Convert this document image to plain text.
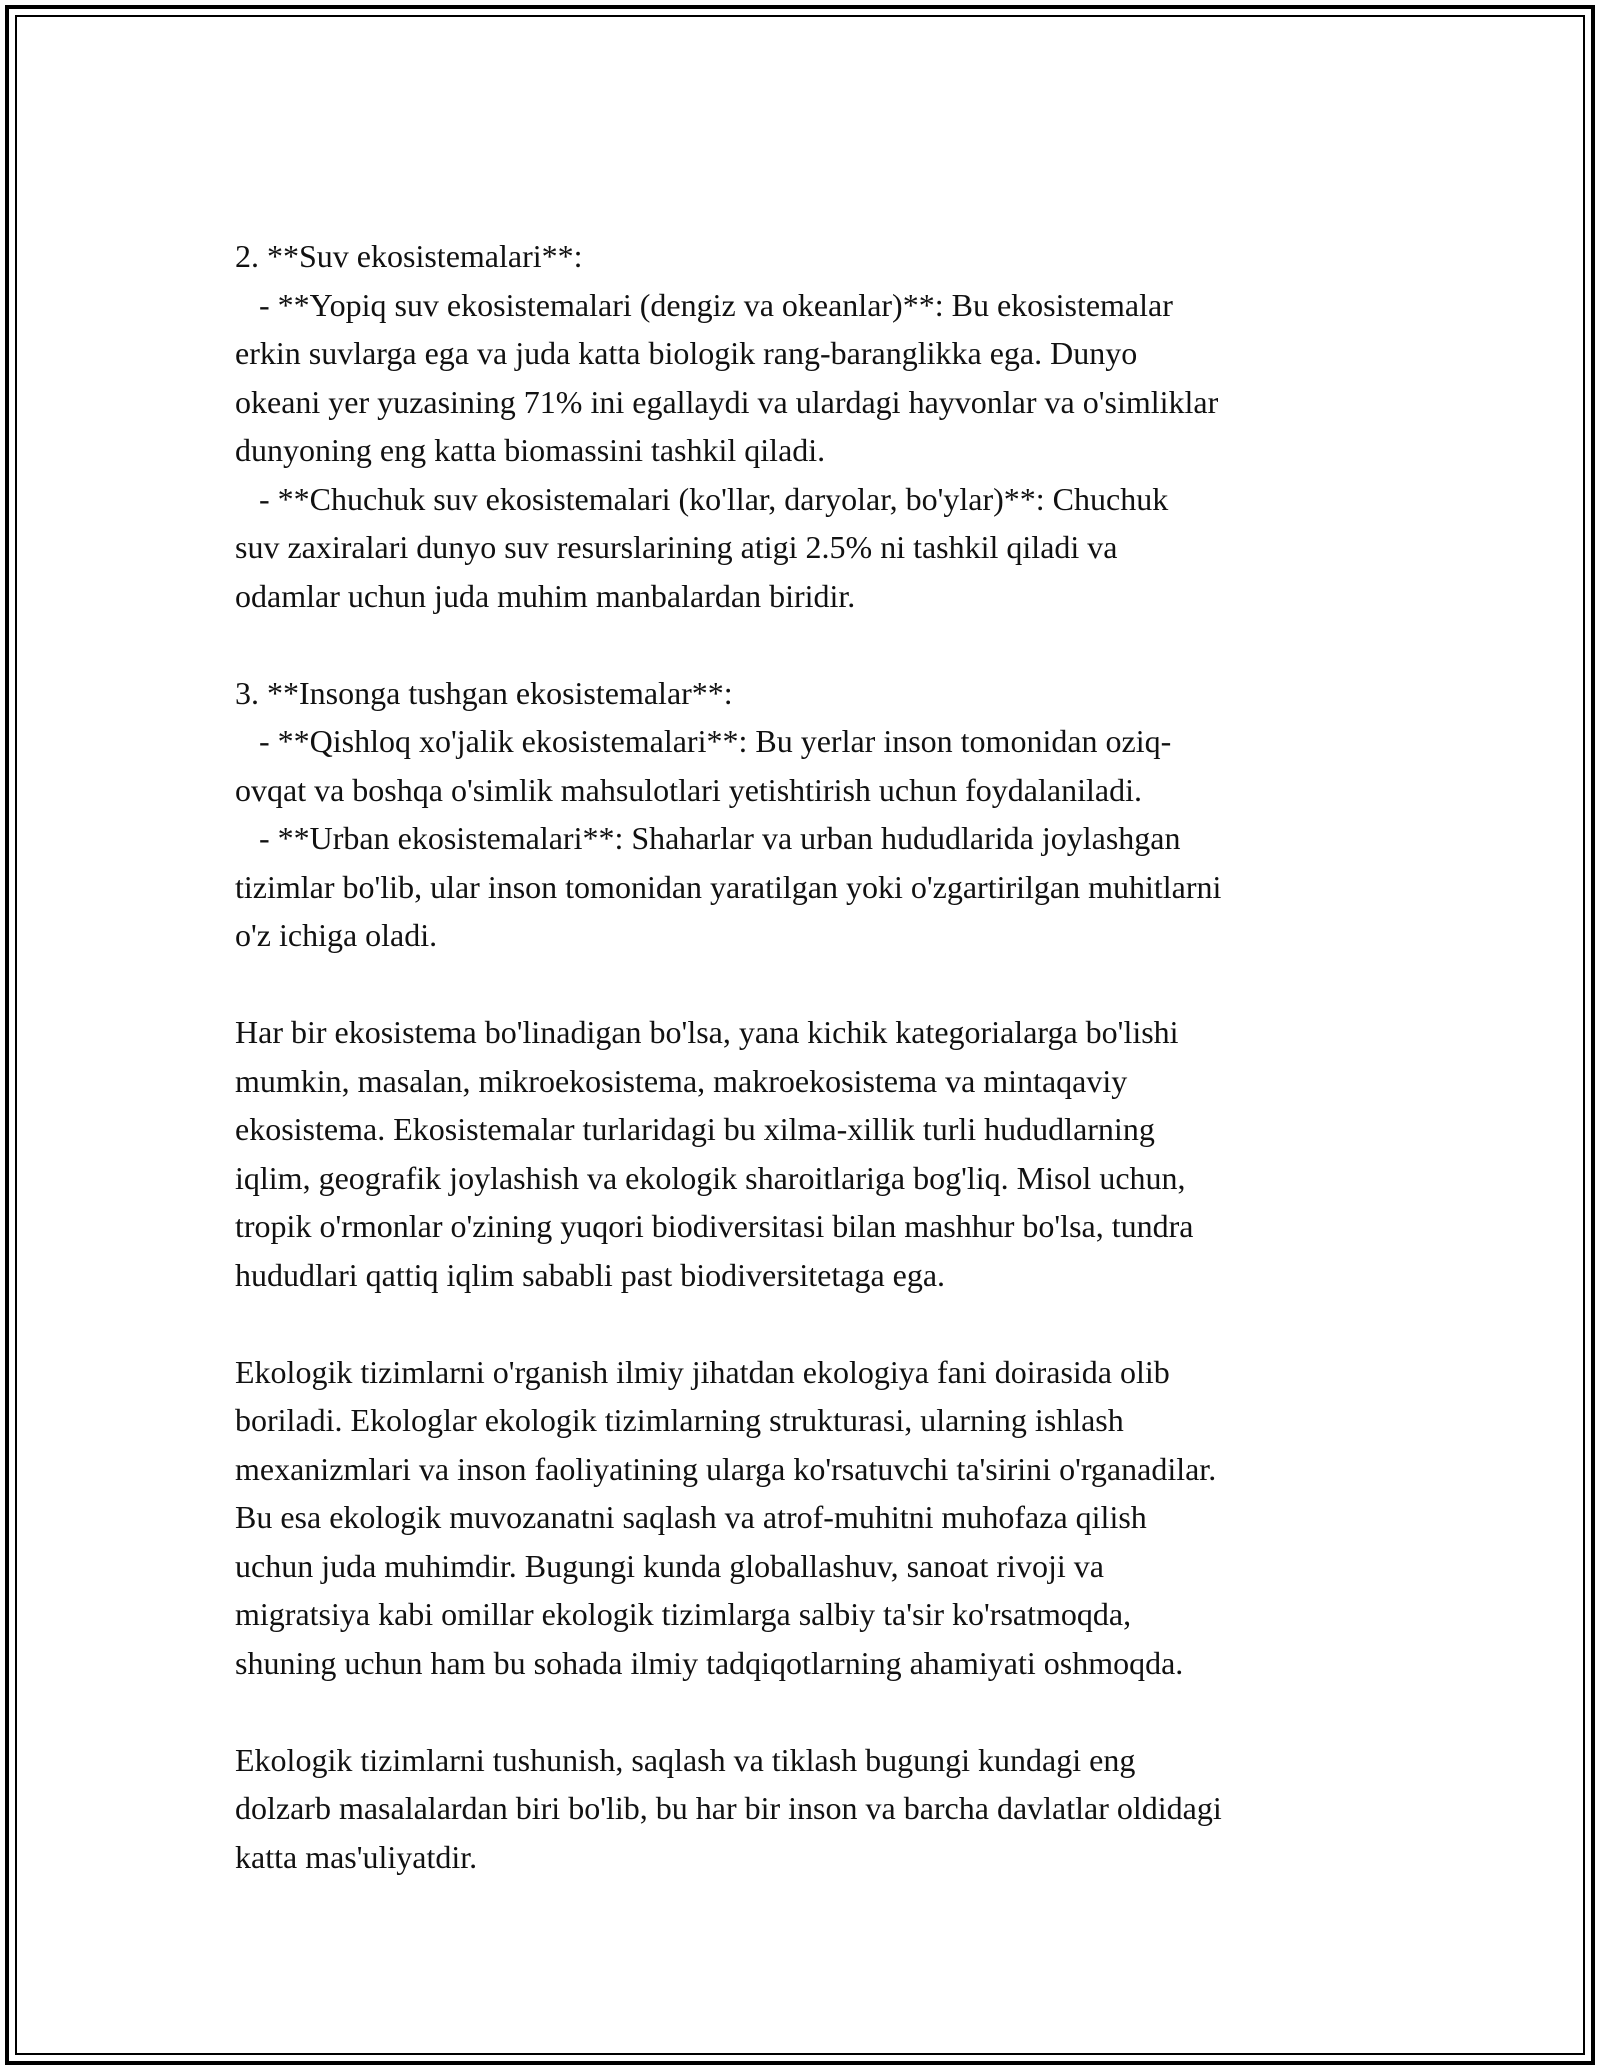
2. **Suv ekosistemalari**:

- **Yopiq suv ekosistemalari (dengiz va okeanlar)**: Bu ekosistemalar

erkin suvlarga ega va juda katta biologik rang-baranglikka ega. Dunyo

okeani yer yuzasining 71% ini egallaydi va ulardagi hayvonlar va o'simliklar

dunyoning eng katta biomassini tashkil qiladi.

- **Chuchuk suv ekosistemalari (ko'llar, daryolar, bo'ylar)**: Chuchuk

suv zaxiralari dunyo suv resurslarining atigi 2.5% ni tashkil qiladi va

odamlar uchun juda muhim manbalardan biridir.

3. **Insonga tushgan ekosistemalar**:

- **Qishloq xo'jalik ekosistemalari**: Bu yerlar inson tomonidan oziq-

ovqat va boshqa o'simlik mahsulotlari yetishtirish uchun foydalaniladi.

- **Urban ekosistemalari**: Shaharlar va urban hududlarida joylashgan

tizimlar bo'lib, ular inson tomonidan yaratilgan yoki o'zgartirilgan muhitlarni

o'z ichiga oladi.

Har bir ekosistema bo'linadigan bo'lsa, yana kichik kategorialarga bo'lishi

mumkin, masalan, mikroekosistema, makroekosistema va mintaqaviy

ekosistema. Ekosistemalar turlaridagi bu xilma-xillik turli hududlarning

iqlim, geografik joylashish va ekologik sharoitlariga bog'liq. Misol uchun,

tropik o'rmonlar o'zining yuqori biodiversitasi bilan mashhur bo'lsa, tundra

hududlari qattiq iqlim sababli past biodiversitetaga ega.

Ekologik tizimlarni o'rganish ilmiy jihatdan ekologiya fani doirasida olib

boriladi. Ekologlar ekologik tizimlarning strukturasi, ularning ishlash

mexanizmlari va inson faoliyatining ularga ko'rsatuvchi ta'sirini o'rganadilar.

Bu esa ekologik muvozanatni saqlash va atrof-muhitni muhofaza qilish

uchun juda muhimdir. Bugungi kunda globallashuv, sanoat rivoji va

migratsiya kabi omillar ekologik tizimlarga salbiy ta'sir ko'rsatmoqda,

shuning uchun ham bu sohada ilmiy tadqiqotlarning ahamiyati oshmoqda.

Ekologik tizimlarni tushunish, saqlash va tiklash bugungi kundagi eng

dolzarb masalalardan biri bo'lib, bu har bir inson va barcha davlatlar oldidagi

katta mas'uliyatdir.
